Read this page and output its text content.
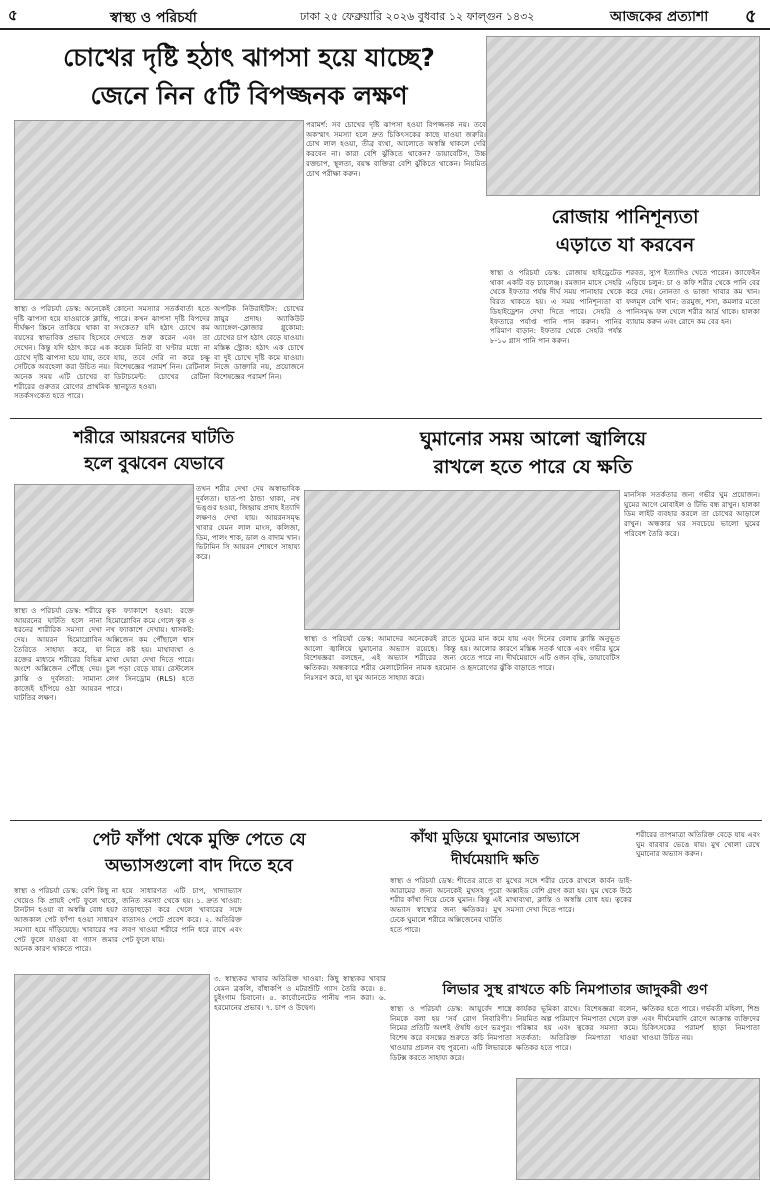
৫	স্বাস্থ্য ও পরিচর্যা	ঢাকা ২৫ ফেব্রুয়ারি ২০২৬ বুধবার ১২ ফাল্গুন ১৪৩২	আজকের প্রত্যাশা ৫
চোখের দৃষ্টি হঠাৎ ঝাপসা হয়ে যাচ্ছে?
জেনে নিন ৫টি বিপজ্জনক লক্ষণ
পরামর্শ: সব চোখের দৃষ্টি ঝাপসা হওয়া বিপজ্জনক নয়। তবে অকস্মাৎ সমস্যা হলে দ্রুত চিকিৎসকের কাছে যাওয়া জরুরি। চোখ লাল হওয়া, তীব্র ব্যথা, আলোতে অস্বস্তি থাকলে দেরি করবেন না। কারা বেশি ঝুঁকিতে থাকেন? ডায়াবেটিস, উচ্চ রক্তচাপ, স্থূলতা, বয়স্ক ব্যক্তিরা বেশি ঝুঁকিতে থাকেন। নিয়মিত চোখ পরীক্ষা করুন।
স্বাস্থ্য ও পরিচর্যা ডেস্ক: অনেকেই দৃষ্টি ঝাপসা হয়ে যাওয়াকে ক্লান্তি, দীর্ঘক্ষণ স্ক্রিনে তাকিয়ে থাকা বা বয়সের স্বাভাবিক প্রভাব হিসেবে দেখেন। কিন্তু যদি হঠাৎ করে এক চোখে দৃষ্টি ঝাপসা হয়ে যায়, তবে সেটিকে অবহেলা করা উচিত নয়। অনেক সময় এটি চোখের বা শরীরের গুরুতর রোগের প্রাথমিক সতর্কসংকেত হতে পারে।
কোনো সমস্যার সতর্কবার্তা হতে পারে। কখন ঝাপসা দৃষ্টি বিপদের সংকেত? যদি হঠাৎ চোখে কম দেখতে শুরু করেন এবং তা কয়েক মিনিট বা ঘণ্টার মধ্যে না যায়, তবে দেরি না করে চক্ষু বিশেষজ্ঞের পরামর্শ নিন। রেটিনাল ডিটাচমেন্ট: চোখের রেটিনা স্থানচ্যুত হওয়া।
অপটিক নিউরাইটিস: চোখের স্নায়ুর প্রদাহ। অ্যাকিউট অ্যাঙ্গেল-ক্লোজার গ্লুকোমা: চোখের চাপ হঠাৎ বেড়ে যাওয়া। মস্তিষ্ক স্ট্রোক: হঠাৎ এক চোখে বা দুই চোখে দৃষ্টি কমে যাওয়া। নিজে ডাক্তারি নয়, প্রয়োজনে বিশেষজ্ঞের পরামর্শ নিন।
রোজায় পানিশূন্যতা
এড়াতে যা করবেন
স্বাস্থ্য ও পরিচর্যা ডেস্ক: রোজায় হাইড্রেটেড থাকা একটি বড় চ্যালেঞ্জ। রমজান মাসে সেহরি থেকে ইফতার পর্যন্ত দীর্ঘ সময় পানাহার থেকে বিরত থাকতে হয়। এ সময় পানিশূন্যতা বা ডিহাইড্রেশন দেখা দিতে পারে। সেহরি ও ইফতারে পর্যাপ্ত পানি পান করুন। পানির পরিমাণ বাড়ান: ইফতার থেকে সেহরি পর্যন্ত ৮-১০ গ্লাস পানি পান করুন।
শরবত, স্যুপ ইত্যাদিও খেতে পারেন। ক্যাফেইন এড়িয়ে চলুন: চা ও কফি শরীর থেকে পানি বের করে দেয়। নোনতা ও ভাজা খাবার কম খান। ফলমূল বেশি খান: তরমুজ, শসা, কমলার মতো পানিসমৃদ্ধ ফল খেলে শরীর আর্দ্র থাকে। হালকা ব্যায়াম করুন এবং রোদে কম বের হন।
শরীরে আয়রনের ঘাটতি
হলে বুঝবেন যেভাবে
তখন শরীর দেখা দেয় অস্বাভাবিক দুর্বলতা। হাত-পা ঠান্ডা থাকা, নখ ভঙ্গুর হওয়া, জিহ্বায় প্রদাহ ইত্যাদি লক্ষণও দেখা যায়। আয়রনসমৃদ্ধ খাবার যেমন লাল মাংস, কলিজা, ডিম, পালং শাক, ডাল ও বাদাম খান। ভিটামিন সি আয়রন শোষণে সাহায্য করে।
স্বাস্থ্য ও পরিচর্যা ডেস্ক: শরীরে আয়রনের ঘাটতি হলে নানা ধরনের শারীরিক সমস্যা দেখা দেয়। আয়রন হিমোগ্লোবিন তৈরিতে সাহায্য করে, যা রক্তের মাধ্যমে শরীরের বিভিন্ন অংশে অক্সিজেন পৌঁছে দেয়। ক্লান্তি ও দুর্বলতা: সামান্য কাজেই হাঁপিয়ে ওঠা আয়রন ঘাটতির লক্ষণ।
ত্বক ফ্যাকাশে হওয়া: রক্তে হিমোগ্লোবিন কমে গেলে ত্বক ও নখ ফ্যাকাশে দেখায়। শ্বাসকষ্ট: অক্সিজেন কম পৌঁছালে শ্বাস নিতে কষ্ট হয়। মাথাব্যথা ও মাথা ঘোরা দেখা দিতে পারে। চুল পড়া বেড়ে যায়। রেস্টলেস লেগ সিনড্রোম (RLS) হতে পারে।
ঘুমানোর সময় আলো জ্বালিয়ে
রাখলে হতে পারে যে ক্ষতি
মানসিক সতর্কতার জন্য গভীর ঘুম প্রয়োজন। ঘুমের আগে মোবাইল ও টিভি বন্ধ রাখুন। হালকা ডিম লাইট ব্যবহার করলে তা চোখের আড়ালে রাখুন। অন্ধকার ঘর সবচেয়ে ভালো ঘুমের পরিবেশ তৈরি করে।
স্বাস্থ্য ও পরিচর্যা ডেস্ক: আমাদের অনেকেরই রাতে আলো জ্বালিয়ে ঘুমানোর অভ্যাস রয়েছে। কিন্তু বিশেষজ্ঞরা বলছেন, এই অভ্যাস শরীরের জন্য ক্ষতিকর। অন্ধকারে শরীর মেলাটোনিন নামক হরমোন নিঃসরণ করে, যা ঘুম আনতে সাহায্য করে।
ঘুমের মান কমে যায় এবং দিনের বেলায় ক্লান্তি অনুভূত হয়। আলোর কারণে মস্তিষ্ক সতর্ক থাকে এবং গভীর ঘুমে যেতে পারে না। দীর্ঘমেয়াদে এটি ওজন বৃদ্ধি, ডায়াবেটিস ও হৃদরোগের ঝুঁকি বাড়াতে পারে।
পেট ফাঁপা থেকে মুক্তি পেতে যে
অভ্যাসগুলো বাদ দিতে হবে
স্বাস্থ্য ও পরিচর্যা ডেস্ক: বেশি কিছু না খেয়েও কি প্রায়ই পেট ফুলে থাকে, টানটান হওয়া বা অস্বস্তি বোধ হয়? আজকাল পেট ফাঁপা হওয়া সাধারণ সমস্যা হয়ে দাঁড়িয়েছে। খাবারের পর পেট ফুলে যাওয়া বা গ্যাস জমার অনেক কারণ থাকতে পারে।
হয়ে সাধারণত এটি চাপ, খাদ্যাভ্যাস জনিত সমস্যা থেকে হয়। ১. দ্রুত খাওয়া: তাড়াহুড়ো করে খেলে খাবারের সঙ্গে বাতাসও পেটে প্রবেশ করে। ২. অতিরিক্ত লবণ খাওয়া শরীরে পানি ধরে রাখে এবং পেট ফুলে যায়।
৩. স্বাস্থ্যকর খাবার অতিরিক্ত খাওয়া: কিছু স্বাস্থ্যকর খাবার যেমন ব্রকলি, বাঁধাকপি ও মটরশুঁটি গ্যাস তৈরি করে। ৪. চুইংগাম চিবানো। ৫. কার্বোনেটেড পানীয় পান করা। ৬. হরমোনের প্রভাব। ৭. চাপ ও উদ্বেগ।
কাঁথা মুড়িয়ে ঘুমানোর অভ্যাসে
দীর্ঘমেয়াদি ক্ষতি
স্বাস্থ্য ও পরিচর্যা ডেস্ক: শীতের রাতে বা আরামের জন্য অনেকেই মুখসহ পুরো শরীর কাঁথা দিয়ে ঢেকে ঘুমান। কিন্তু এই অভ্যাস স্বাস্থ্যের জন্য ক্ষতিকর। মুখ ঢেকে ঘুমালে শরীরে অক্সিজেনের ঘাটতি হতে পারে।
মুখের সঙ্গে শরীর ঢেকে রাখলে কার্বন ডাই-অক্সাইড বেশি গ্রহণ করা হয়। ঘুম থেকে উঠে মাথাব্যথা, ক্লান্তি ও অস্বস্তি বোধ হয়। ত্বকের সমস্যা দেখা দিতে পারে।
শরীরের তাপমাত্রা অতিরিক্ত বেড়ে যায় এবং ঘুম বারবার ভেঙে যায়। মুখ খোলা রেখে ঘুমানোর অভ্যাস করুন।
লিভার সুস্থ রাখতে কচি নিমপাতার জাদুকরী গুণ
স্বাস্থ্য ও পরিচর্যা ডেস্ক: আয়ুর্বেদ শাস্ত্রে নিমকে বলা হয় ‘সর্ব রোগ নিবারিণী’। নিমের প্রতিটি অংশই ঔষধি গুণে ভরপুর। বিশেষ করে বসন্তের শুরুতে কচি নিমপাতা খাওয়ার প্রচলন বহু পুরনো। এটি লিভারকে ডিটক্স করতে সাহায্য করে।
কার্যকর ভূমিকা রাখে। বিশেষজ্ঞরা বলেন, নিয়মিত অল্প পরিমাণে নিমপাতা খেলে রক্ত পরিষ্কার হয় এবং ত্বকের সমস্যা কমে। সতর্কতা: অতিরিক্ত নিমপাতা খাওয়া ক্ষতিকর হতে পারে।
ক্ষতিকর হতে পারে। গর্ভবতী মহিলা, শিশু এবং দীর্ঘমেয়াদি রোগে আক্রান্ত ব্যক্তিদের চিকিৎসকের পরামর্শ ছাড়া নিমপাতা খাওয়া উচিত নয়।
